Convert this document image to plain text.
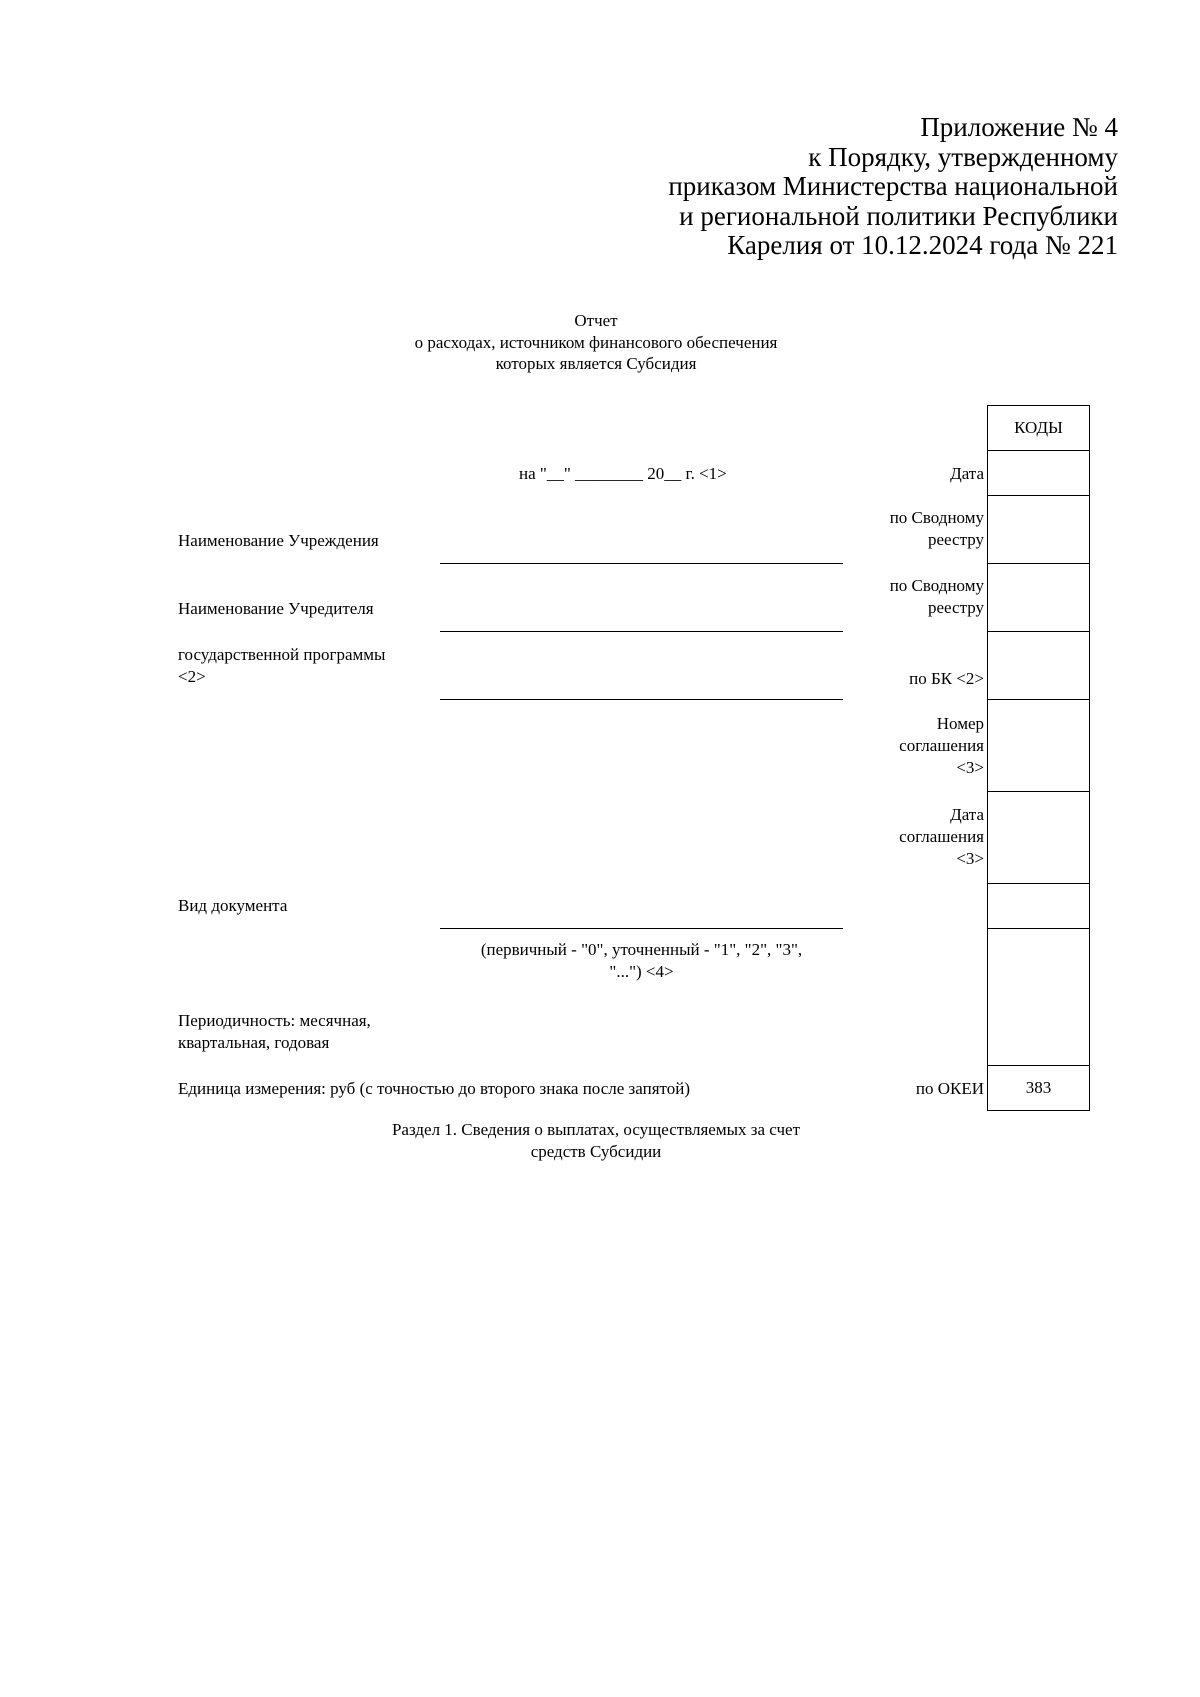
Приложение № 4
к Порядку, утвержденному
приказом Министерства национальной
и региональной политики Республики
Карелия от 10.12.2024 года № 221
Отчет
о расходах, источником финансового обеспечения
которых является Субсидия
КОДЫ
383
на "__" ________ 20__ г. <1>	Дата
по Сводному
реестру
по Сводному
реестру
по БК <2>
Номер
соглашения
<3>
Дата
соглашения
<3>
по ОКЕИ
Наименование Учреждения
Наименование Учредителя
государственной программы
<2>
Вид документа
(первичный - "0", уточненный - "1", "2", "3",
"...") <4>
Периодичность: месячная,
квартальная, годовая
Единица измерения: руб (с точностью до второго знака после запятой)
Раздел 1. Сведения о выплатах, осуществляемых за счет
средств Субсидии
